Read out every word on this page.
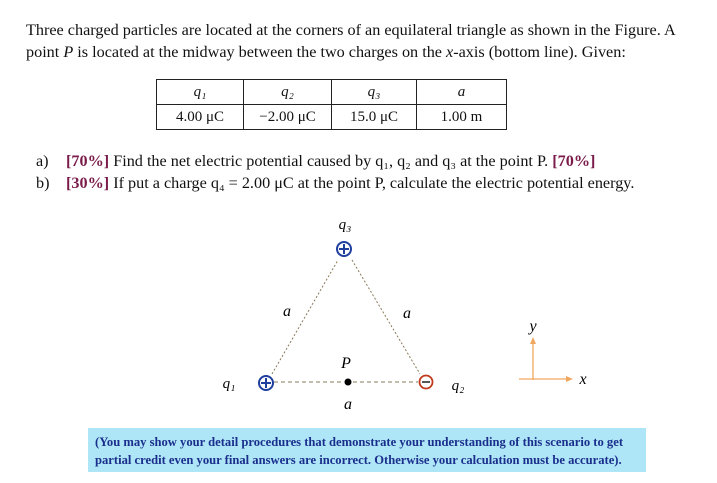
Three charged particles are located at the corners of an equilateral triangle as shown in the Figure. A

point P is located at the midway between the two charges on the x-axis (bottom line). Given:

q₁	q₂	q₃	a
4.00 μC	−2.00 μC	15.0 μC	1.00 m
a) [70%] Find the net electric potential caused by q₁, q₂ and q₃ at the point P. [70%]
b) [30%] If put a charge q₄ = 2.00 μC at the point P, calculate the electric potential energy.
q₃
q₁	q₂
a	a
P
a
y
x
(You may show your detail procedures that demonstrate your understanding of this scenario to get
partial credit even your final answers are incorrect. Otherwise your calculation must be accurate).
